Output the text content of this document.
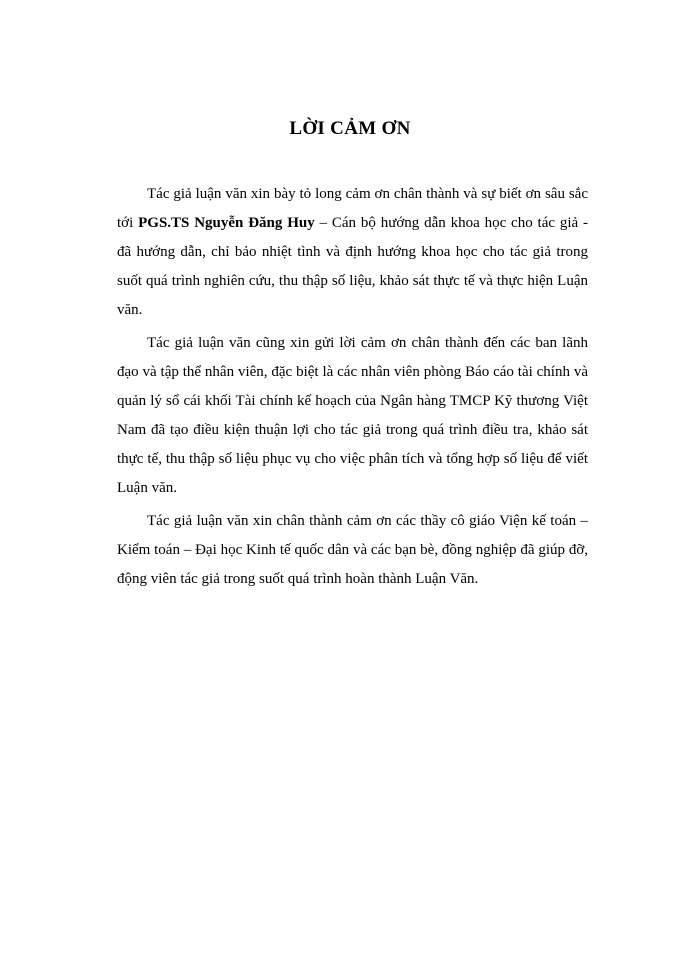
LỜI CẢM ƠN

Tác giả luận văn xin bày tỏ long cảm ơn chân thành và sự biết ơn sâu sắc tới PGS.TS Nguyễn Đăng Huy – Cán bộ hướng dẫn khoa học cho tác giả - đã hướng dẫn, chỉ bảo nhiệt tình và định hướng khoa học cho tác giả trong suốt quá trình nghiên cứu, thu thập số liệu, khảo sát thực tế và thực hiện Luận văn.

Tác giả luận văn cũng xin gửi lời cảm ơn chân thành đến các ban lãnh đạo và tập thể nhân viên, đặc biệt là các nhân viên phòng Báo cáo tài chính và quản lý sổ cái khối Tài chính kế hoạch của Ngân hàng TMCP Kỹ thương Việt Nam đã tạo điều kiện thuận lợi cho tác giả trong quá trình điều tra, khảo sát thực tế, thu thập số liệu phục vụ cho việc phân tích và tổng hợp số liệu để viết Luận văn.

Tác giả luận văn xin chân thành cảm ơn các thầy cô giáo Viện kế toán – Kiểm toán – Đại học Kinh tế quốc dân và các bạn bè, đồng nghiệp đã giúp đỡ, động viên tác giả trong suốt quá trình hoàn thành Luận Văn.
